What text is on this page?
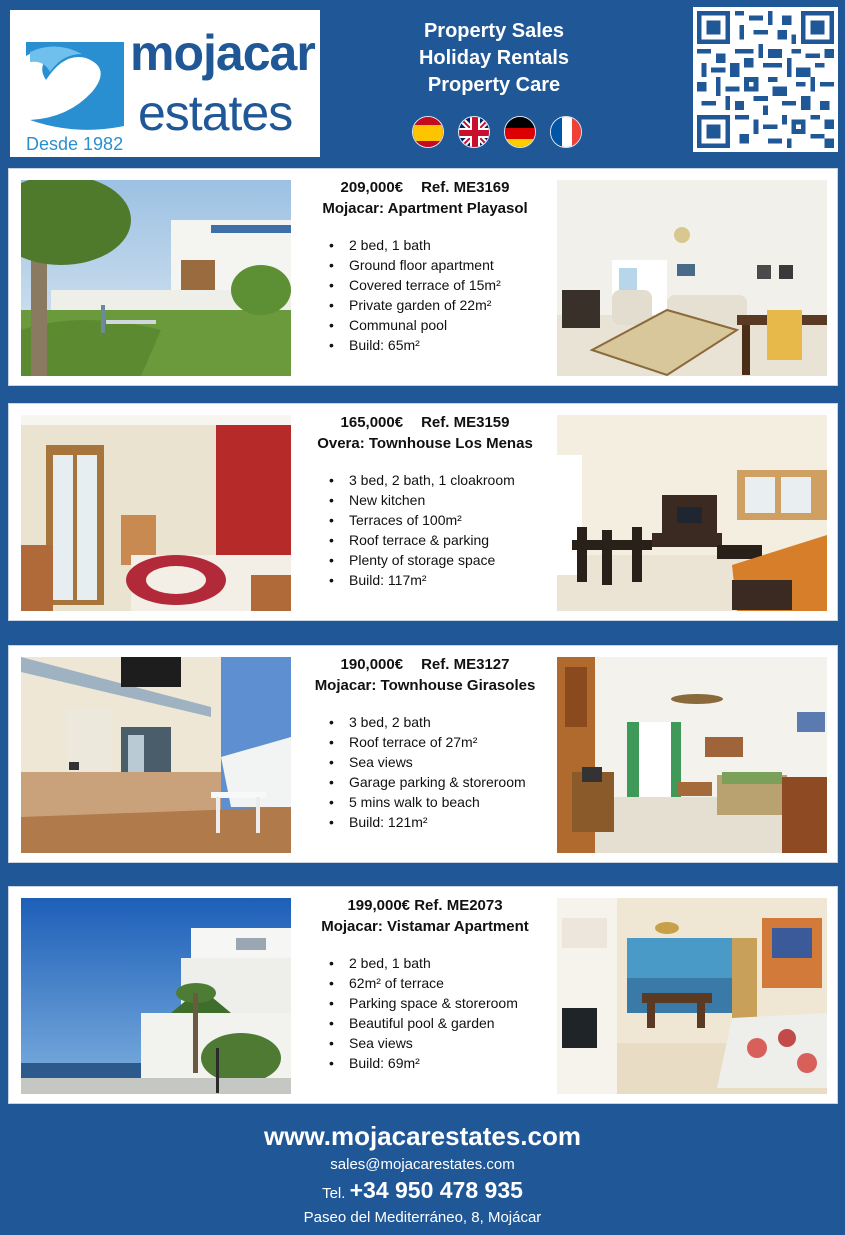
mojacar
estates
Desde 1982
Property Sales
Holiday Rentals
Property Care
209,000€ Ref. ME3169
Mojacar: Apartment Playasol
• 2 bed, 1 bath
• Ground floor apartment
• Covered terrace of 15m²
• Private garden of 22m²
• Communal pool
• Build: 65m²
165,000€ Ref. ME3159
Overa: Townhouse Los Menas
• 3 bed, 2 bath, 1 cloakroom
• New kitchen
• Terraces of 100m²
• Roof terrace & parking
• Plenty of storage space
• Build: 117m²
190,000€ Ref. ME3127
Mojacar: Townhouse Girasoles
• 3 bed, 2 bath
• Roof terrace of 27m²
• Sea views
• Garage parking & storeroom
• 5 mins walk to beach
• Build: 121m²
199,000€ Ref. ME2073
Mojacar: Vistamar Apartment
• 2 bed, 1 bath
• 62m² of terrace
• Parking space & storeroom
• Beautiful pool & garden
• Sea views
• Build: 69m²
www.mojacarestates.com
sales@mojacarestates.com
Tel. +34 950 478 935
Paseo del Mediterráneo, 8, Mojácar
